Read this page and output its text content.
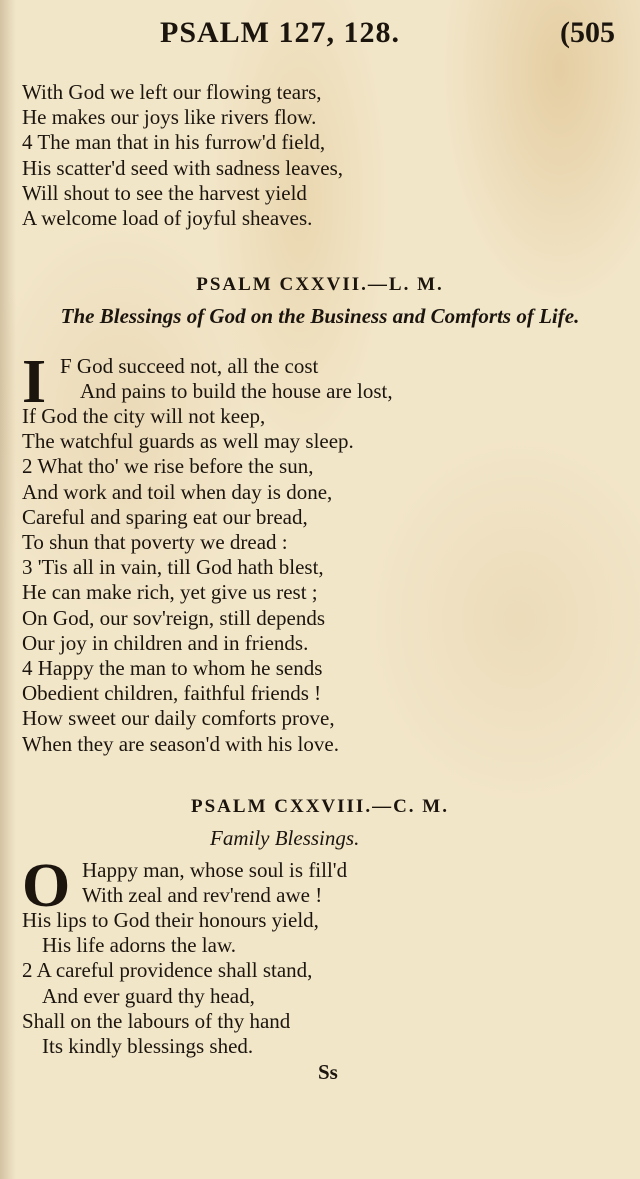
PSALM 127, 128.	(505
With God we left our flowing tears,
He makes our joys like rivers flow.
4 The man that in his furrow'd field,
His scatter'd seed with sadness leaves,
Will shout to see the harvest yield
A welcome load of joyful sheaves.
PSALM CXXVII.—L. M.
The Blessings of God on the Business and Comforts of Life.
I F God succeed not, all the cost
And pains to build the house are lost,
If God the city will not keep,
The watchful guards as well may sleep.
2 What tho' we rise before the sun,
And work and toil when day is done,
Careful and sparing eat our bread,
To shun that poverty we dread :
3 'Tis all in vain, till God hath blest,
He can make rich, yet give us rest ;
On God, our sov'reign, still depends
Our joy in children and in friends.
4 Happy the man to whom he sends
Obedient children, faithful friends !
How sweet our daily comforts prove,
When they are season'd with his love.
PSALM CXXVIII.—C. M.
Family Blessings.
O Happy man, whose soul is fill'd
With zeal and rev'rend awe !
His lips to God their honours yield,
His life adorns the law.
2 A careful providence shall stand,
And ever guard thy head,
Shall on the labours of thy hand
Its kindly blessings shed.
Ss
